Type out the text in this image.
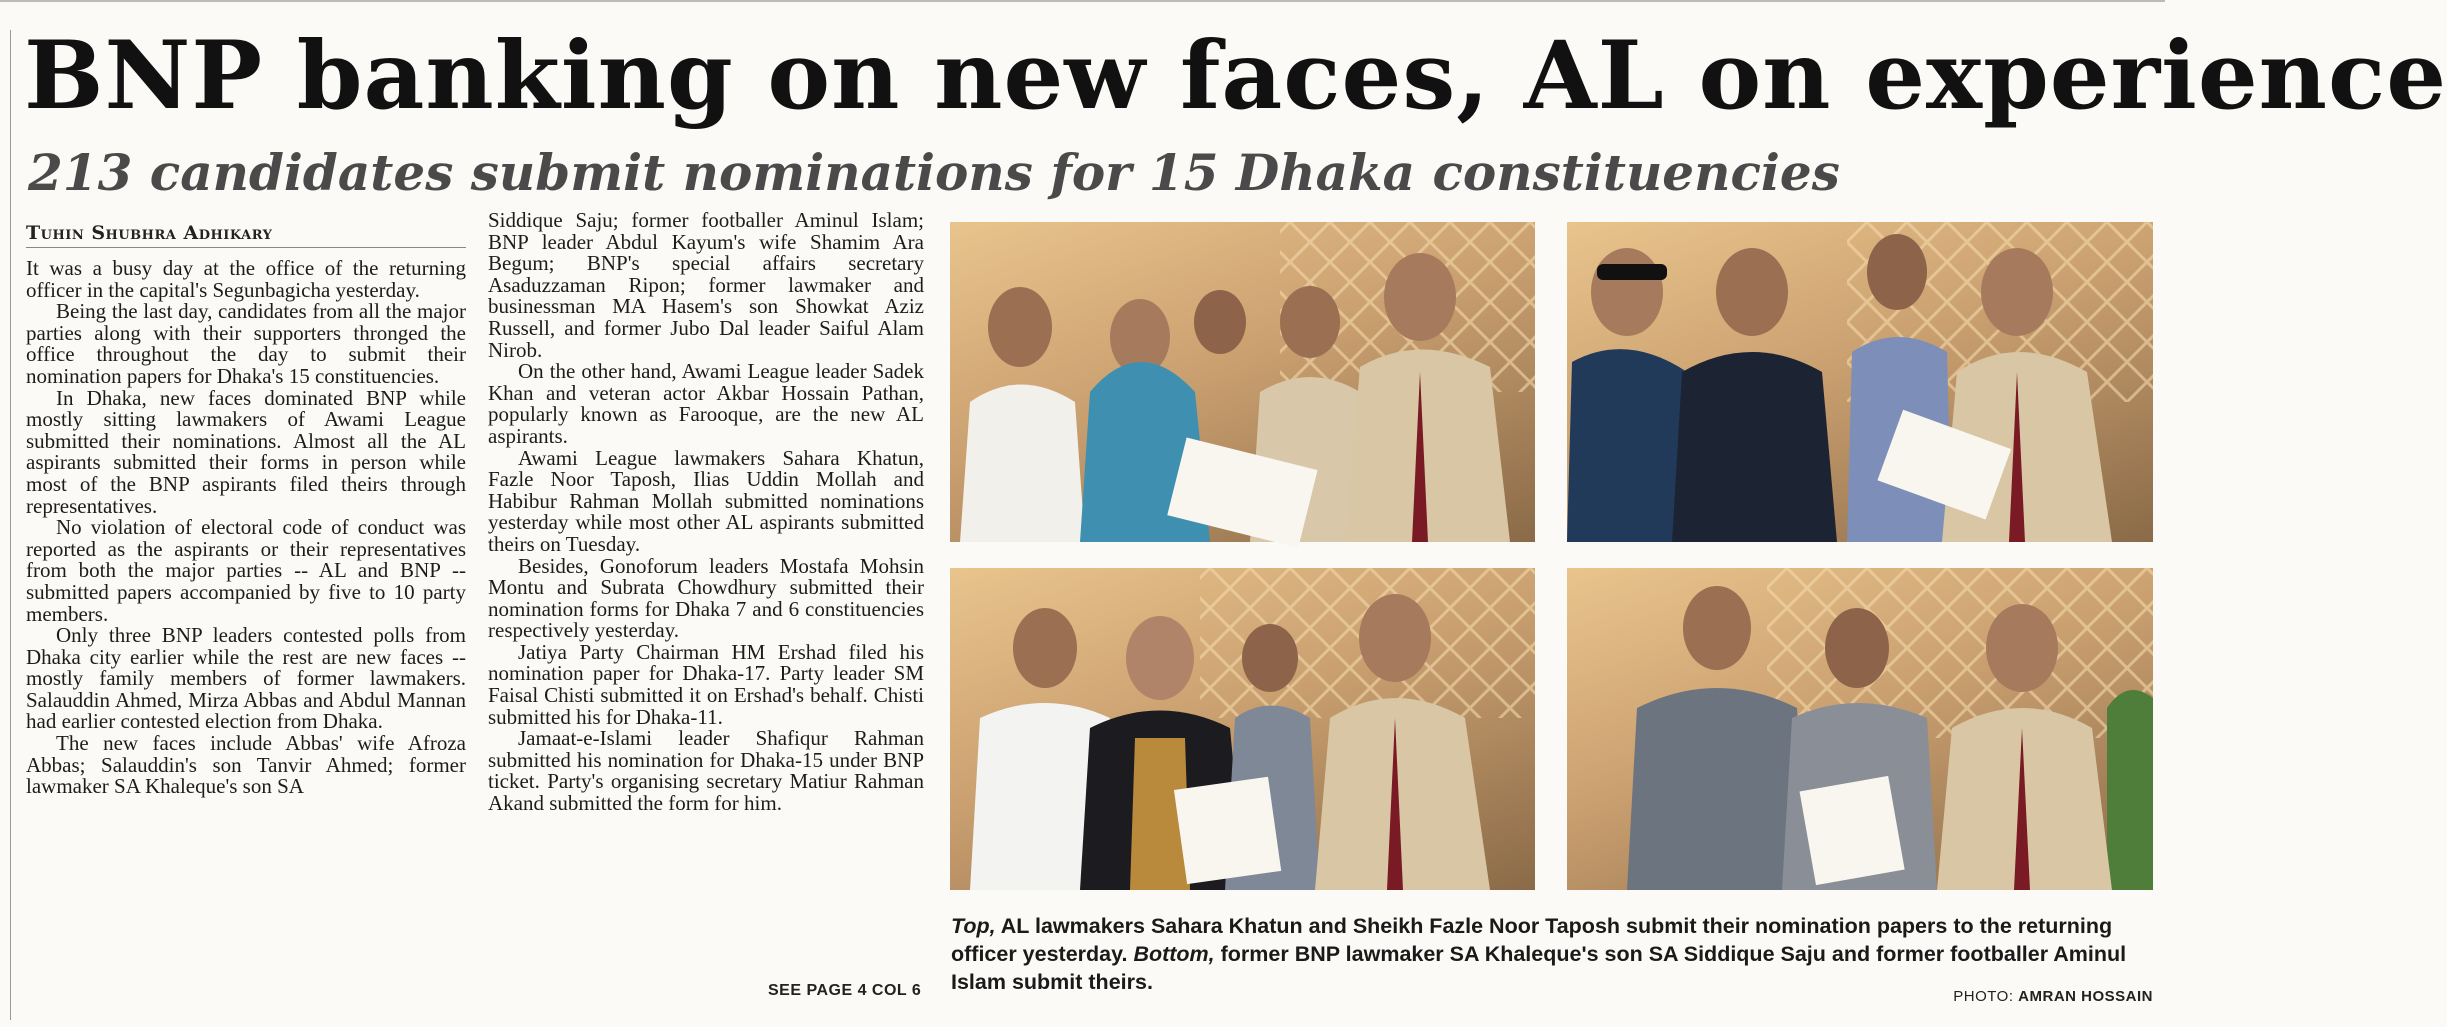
BNP banking on new faces, AL on experience
213 candidates submit nominations for 15 Dhaka constituencies
Tuhin Shubhra Adhikary

It was a busy day at the office of the returning officer in the capital's Segunbagicha yesterday.

Being the last day, candidates from all the major parties along with their supporters thronged the office throughout the day to submit their nomination papers for Dhaka's 15 constituencies.

In Dhaka, new faces dominated BNP while mostly sitting lawmakers of Awami League submitted their nominations. Almost all the AL aspirants submitted their forms in person while most of the BNP aspirants filed theirs through representatives.

No violation of electoral code of conduct was reported as the aspirants or their representatives from both the major parties -- AL and BNP -- submitted papers accompanied by five to 10 party members.

Only three BNP leaders contested polls from Dhaka city earlier while the rest are new faces -- mostly family members of former lawmakers. Salauddin Ahmed, Mirza Abbas and Abdul Mannan had earlier contested election from Dhaka.

The new faces include Abbas' wife Afroza Abbas; Salauddin's son Tanvir Ahmed; former lawmaker SA Khaleque's son SA

Siddique Saju; former footballer Aminul Islam; BNP leader Abdul Kayum's wife Shamim Ara Begum; BNP's special affairs secretary Asaduzzaman Ripon; former lawmaker and businessman MA Hasem's son Showkat Aziz Russell, and former Jubo Dal leader Saiful Alam Nirob.

On the other hand, Awami League leader Sadek Khan and veteran actor Akbar Hossain Pathan, popularly known as Farooque, are the new AL aspirants.

Awami League lawmakers Sahara Khatun, Fazle Noor Taposh, Ilias Uddin Mollah and Habibur Rahman Mollah submitted nominations yesterday while most other AL aspirants submitted theirs on Tuesday.

Besides, Gonoforum leaders Mostafa Mohsin Montu and Subrata Chowdhury submitted their nomination forms for Dhaka 7 and 6 constituencies respectively yesterday.

Jatiya Party Chairman HM Ershad filed his nomination paper for Dhaka-17. Party leader SM Faisal Chisti submitted it on Ershad's behalf. Chisti submitted his for Dhaka-11.

Jamaat-e-Islami leader Shafiqur Rahman submitted his nomination for Dhaka-15 under BNP ticket. Party's organising secretary Matiur Rahman Akand submitted the form for him.

SEE PAGE 4 COL 6
Top, AL lawmakers Sahara Khatun and Sheikh Fazle Noor Taposh submit their nomination papers to the returning officer yesterday. Bottom, former BNP lawmaker SA Khaleque's son SA Siddique Saju and former footballer Aminul Islam submit theirs.
PHOTO: AMRAN HOSSAIN
